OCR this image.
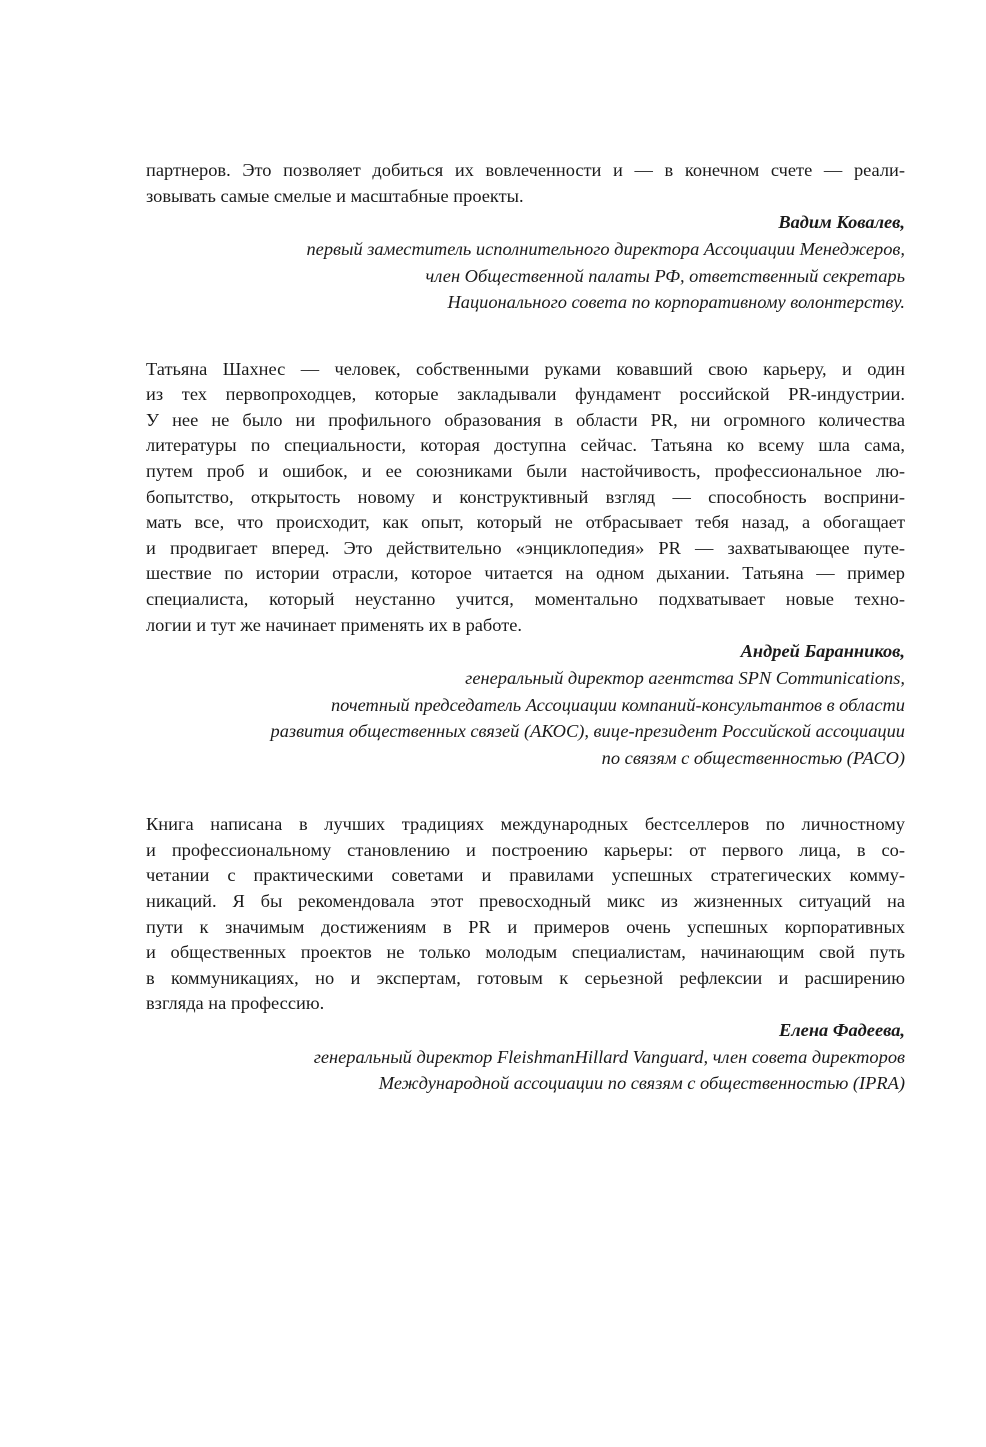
партнеров. Это позволяет добиться их вовлеченности и — в конечном счете — реали-
зовывать самые смелые и масштабные проекты.
Вадим Ковалев,
первый заместитель исполнительного директора Ассоциации Менеджеров,
член Общественной палаты РФ, ответственный секретарь
Национального совета по корпоративному волонтерству.
Татьяна Шахнес — человек, собственными руками ковавший свою карьеру, и один
из тех первопроходцев, которые закладывали фундамент российской PR-индустрии.
У нее не было ни профильного образования в области PR, ни огромного количества
литературы по специальности, которая доступна сейчас. Татьяна ко всему шла сама,
путем проб и ошибок, и ее союзниками были настойчивость, профессиональное лю-
бопытство, открытость новому и конструктивный взгляд — способность восприни-
мать все, что происходит, как опыт, который не отбрасывает тебя назад, а обогащает
и продвигает вперед. Это действительно «энциклопедия» PR — захватывающее путе-
шествие по истории отрасли, которое читается на одном дыхании. Татьяна — пример
специалиста, который неустанно учится, моментально подхватывает новые техно-
логии и тут же начинает применять их в работе.
Андрей Баранников,
генеральный директор агентства SPN Communications,
почетный председатель Ассоциации компаний-консультантов в области
развития общественных связей (АКОС), вице-президент Российской ассоциации
по связям с общественностью (РАСО)
Книга написана в лучших традициях международных бестселлеров по личностному
и профессиональному становлению и построению карьеры: от первого лица, в со-
четании с практическими советами и правилами успешных стратегических комму-
никаций. Я бы рекомендовала этот превосходный микс из жизненных ситуаций на
пути к значимым достижениям в PR и примеров очень успешных корпоративных
и общественных проектов не только молодым специалистам, начинающим свой путь
в коммуникациях, но и экспертам, готовым к серьезной рефлексии и расширению
взгляда на профессию.
Елена Фадеева,
генеральный директор FleishmanHillard Vanguard, член совета директоров
Международной ассоциации по связям с общественностью (IPRA)
